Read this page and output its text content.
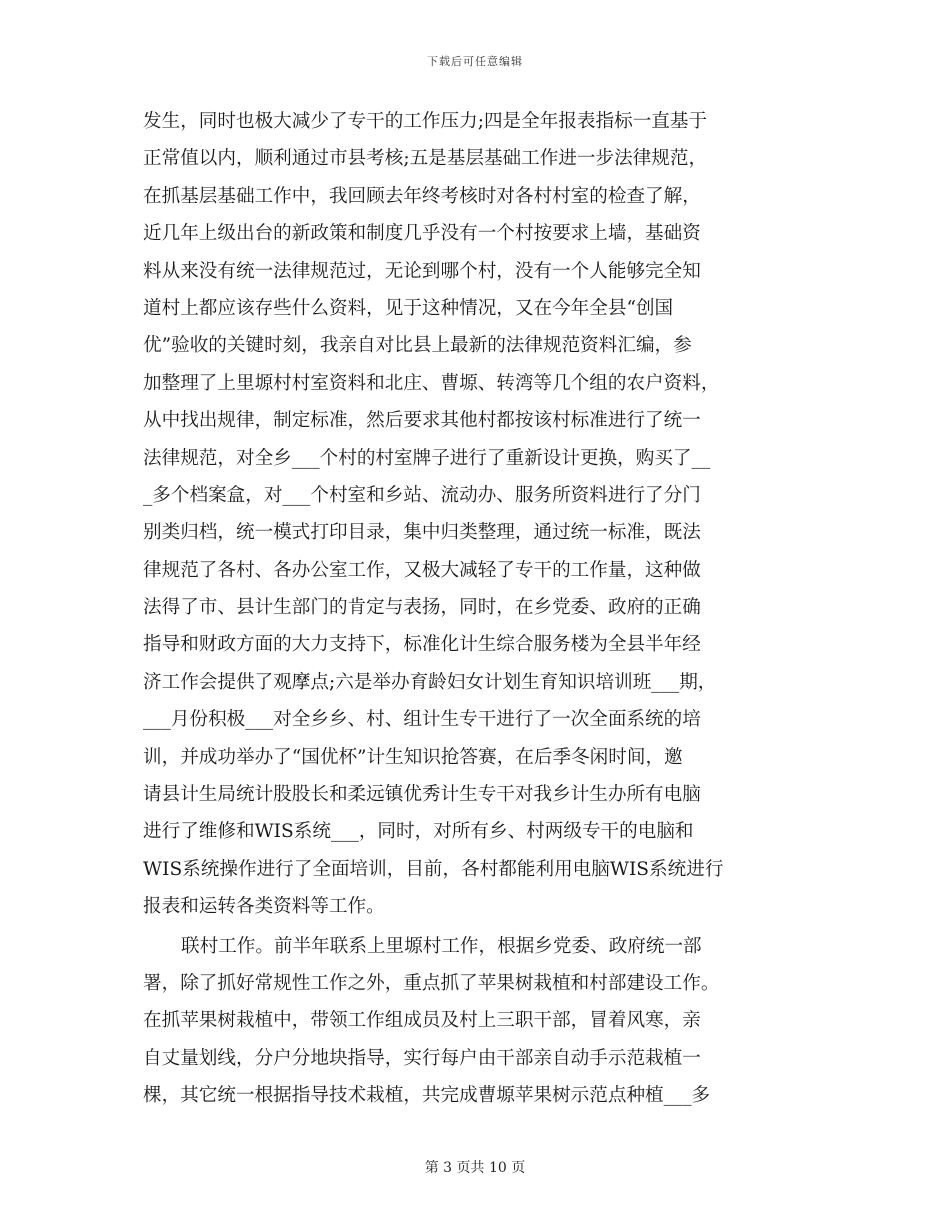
下载后可任意编辑
发生，同时也极大减少了专干的工作压力;四是全年报表指标一直基于
正常值以内，顺利通过市县考核;五是基层基础工作进一步法律规范，
在抓基层基础工作中，我回顾去年终考核时对各村村室的检查了解，
近几年上级出台的新政策和制度几乎没有一个村按要求上墙，基础资
料从来没有统一法律规范过，无论到哪个村，没有一个人能够完全知
道村上都应该存些什么资料，见于这种情况，又在今年全县“创国
优”验收的关键时刻，我亲自对比县上最新的法律规范资料汇编，参
加整理了上里塬村村室资料和北庄、曹塬、转湾等几个组的农户资料，
从中找出规律，制定标准，然后要求其他村都按该村标准进行了统一
法律规范，对全乡___个村的村室牌子进行了重新设计更换，购买了__
_多个档案盒，对___个村室和乡站、流动办、服务所资料进行了分门
别类归档，统一模式打印目录，集中归类整理，通过统一标准，既法
律规范了各村、各办公室工作，又极大减轻了专干的工作量，这种做
法得了市、县计生部门的肯定与表扬，同时，在乡党委、政府的正确
指导和财政方面的大力支持下，标准化计生综合服务楼为全县半年经
济工作会提供了观摩点;六是举办育龄妇女计划生育知识培训班___期，
___月份积极___对全乡乡、村、组计生专干进行了一次全面系统的培
训，并成功举办了“国优杯”计生知识抢答赛，在后季冬闲时间，邀
请县计生局统计股股长和柔远镇优秀计生专干对我乡计生办所有电脑
进行了维修和WIS系统___，同时，对所有乡、村两级专干的电脑和
WIS系统操作进行了全面培训，目前，各村都能利用电脑WIS系统进行
报表和运转各类资料等工作。
联村工作。前半年联系上里塬村工作，根据乡党委、政府统一部
署，除了抓好常规性工作之外，重点抓了苹果树栽植和村部建设工作。
在抓苹果树栽植中，带领工作组成员及村上三职干部，冒着风寒，亲
自丈量划线，分户分地块指导，实行每户由干部亲自动手示范栽植一
棵，其它统一根据指导技术栽植，共完成曹塬苹果树示范点种植___多
第 3 页共 10 页
